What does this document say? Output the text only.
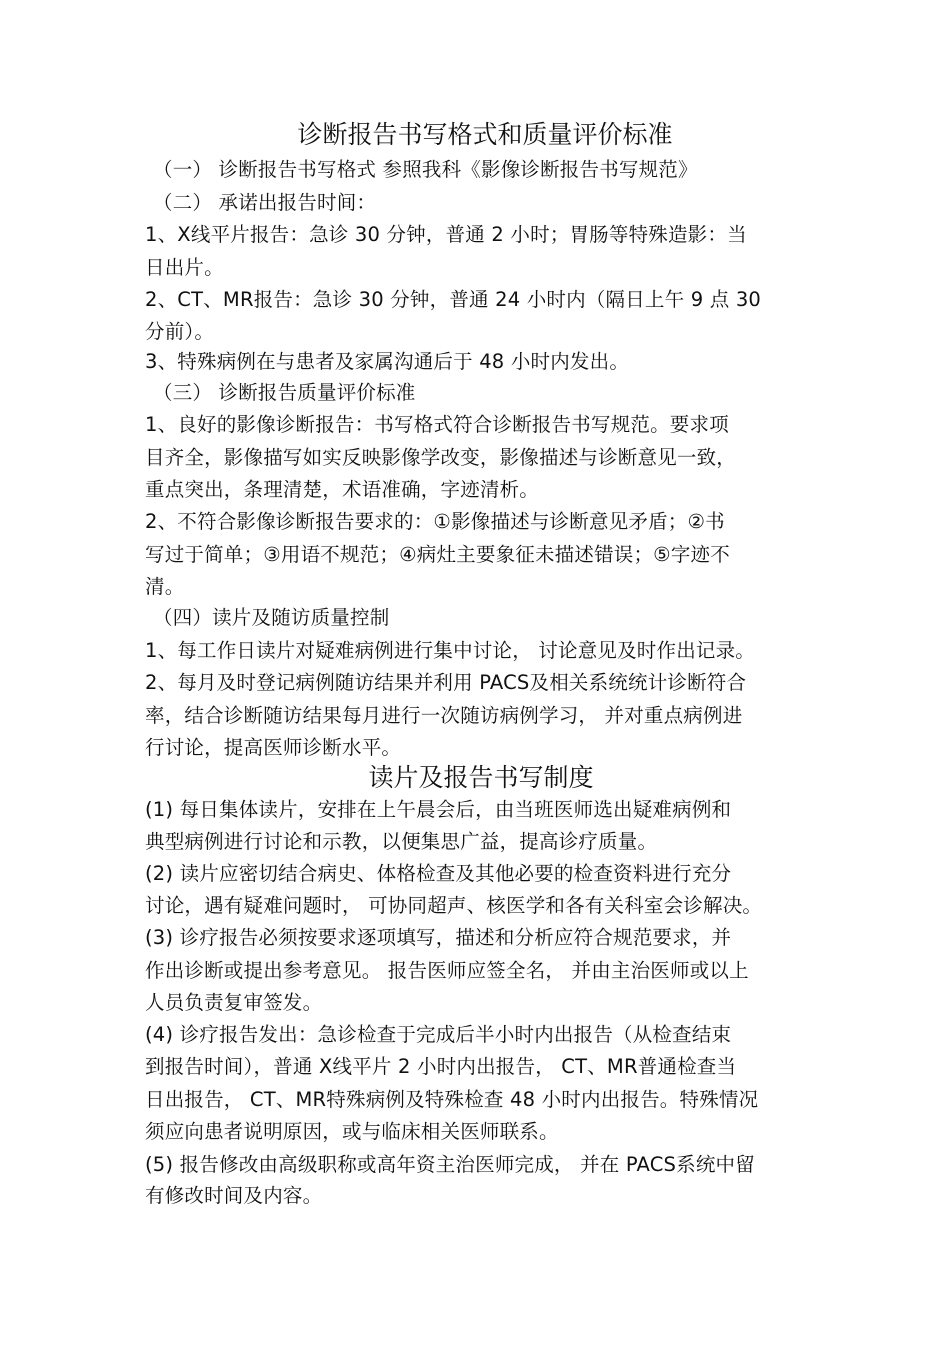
诊断报告书写格式和质量评价标准
（一） 诊断报告书写格式 参照我科《影像诊断报告书写规范》
（二） 承诺出报告时间：
1、X线平片报告：急诊 30 分钟，普通 2 小时；胃肠等特殊造影：当
日出片。
2、CT、MR报告：急诊 30 分钟，普通 24 小时内（隔日上午 9 点 30
分前）。
3、特殊病例在与患者及家属沟通后于 48 小时内发出。
（三） 诊断报告质量评价标准
1、良好的影像诊断报告：书写格式符合诊断报告书写规范。要求项
目齐全，影像描写如实反映影像学改变，影像描述与诊断意见一致，
重点突出，条理清楚，术语准确，字迹清析。
2、不符合影像诊断报告要求的：①影像描述与诊断意见矛盾；②书
写过于简单；③用语不规范；④病灶主要象征未描述错误；⑤字迹不
清。
（四）读片及随访质量控制
1、每工作日读片对疑难病例进行集中讨论， 讨论意见及时作出记录。
2、每月及时登记病例随访结果并利用 PACS及相关系统统计诊断符合
率，结合诊断随访结果每月进行一次随访病例学习， 并对重点病例进
行讨论，提高医师诊断水平。
读片及报告书写制度
(1) 每日集体读片，安排在上午晨会后，由当班医师选出疑难病例和
典型病例进行讨论和示教，以便集思广益，提高诊疗质量。
(2) 读片应密切结合病史、体格检查及其他必要的检查资料进行充分
讨论，遇有疑难问题时， 可协同超声、核医学和各有关科室会诊解决。
(3) 诊疗报告必须按要求逐项填写，描述和分析应符合规范要求，并
作出诊断或提出参考意见。 报告医师应签全名， 并由主治医师或以上
人员负责复审签发。
(4) 诊疗报告发出：急诊检查于完成后半小时内出报告（从检查结束
到报告时间），普通 X线平片 2 小时内出报告， CT、MR普通检查当
日出报告， CT、MR特殊病例及特殊检查 48 小时内出报告。特殊情况
须应向患者说明原因，或与临床相关医师联系。
(5) 报告修改由高级职称或高年资主治医师完成， 并在 PACS系统中留
有修改时间及内容。
